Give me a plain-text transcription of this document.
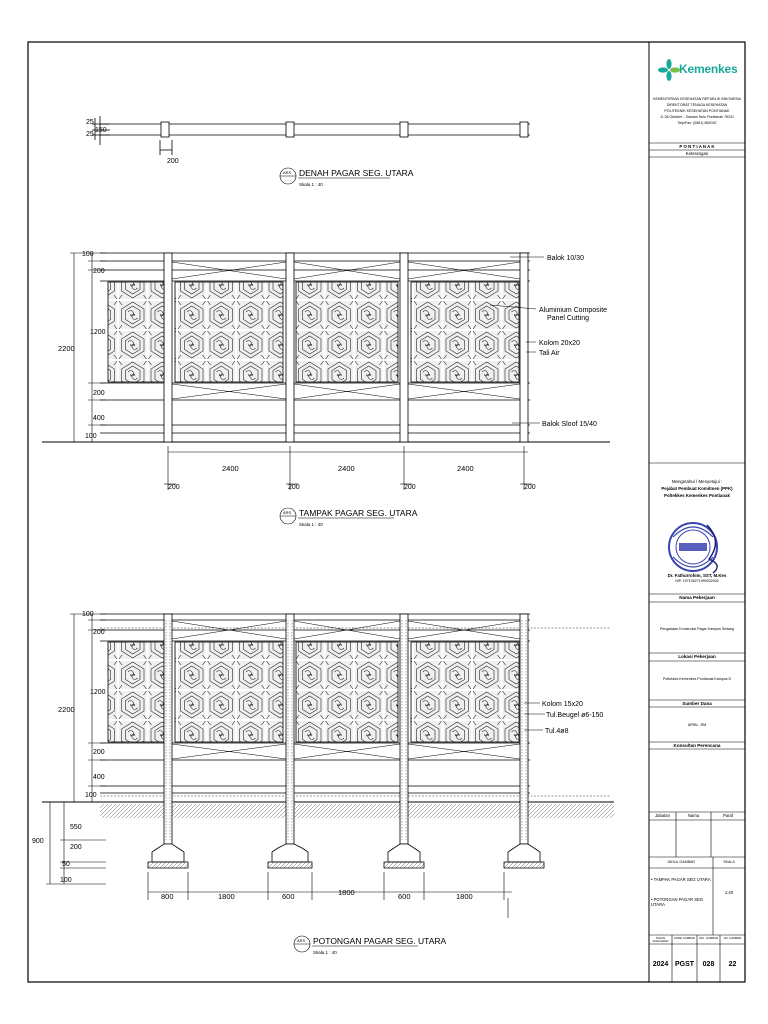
25
25
150
200
ARS DENAH PAGAR SEG. UTARA
Skala 1 : 40
100
200
1200
200
400
100
2200
2400	2400	2400
200	200	200	200
Balok 10/30
Aluminium Composite
Panel Cutting
Kolom 20x20
Tali Air
Balok Sloof 15/40
ARS TAMPAK PAGAR SEG. UTARA
Skala 1 : 40
100
200
1200
200
400
100
2200
550
200
50
100
900
800	1800	600	1800	600	1800
Kolom 15x20
Tul.Beugel ø6-150
Tul.4ø8
ARS POTONGAN PAGAR SEG. UTARA
Skala 1 : 40
Kemenkes
KEMENTERIAN KESEHATAN REPUBLIK INDONESIA
DIREKTORAT TENAGA KESEHATAN
POLITEKNIK KESEHATAN PONTIANAK
Jl. 28 Oktober - Siantan Hulu Pontianak 78241
Telp/Fax: (0561) 882032
P O N T I A N A K
Keterangan
Mengetahui / Menyetujui :
Pejabat Pembuat Komitmen (PPK)
Poltekkes Kemenkes Pontianak
Dr. Fathurrohim, SST, M.Kes
NIP. 197106271990032002
Nama Pekerjaan
Pengadaan Konstruksi Pagar Kampus Sintang
Lokasi Pekerjaan
Poltekkes Kemenkes Pontianak Kampus D
Sumber Dana
APBN - RM
Konsultan Perencana
Jabatan	Nama	Paraf
JUDUL GAMBAR	SKALA
• TAMPAK PAGAR SEG UTARA
• POTONGAN PAGAR SEG UTARA
1:40
TAHUN ANGGARAN
KODE GAMBAR	JML. GAMBAR	NO. GAMBAR
2024 PGST	028	22
